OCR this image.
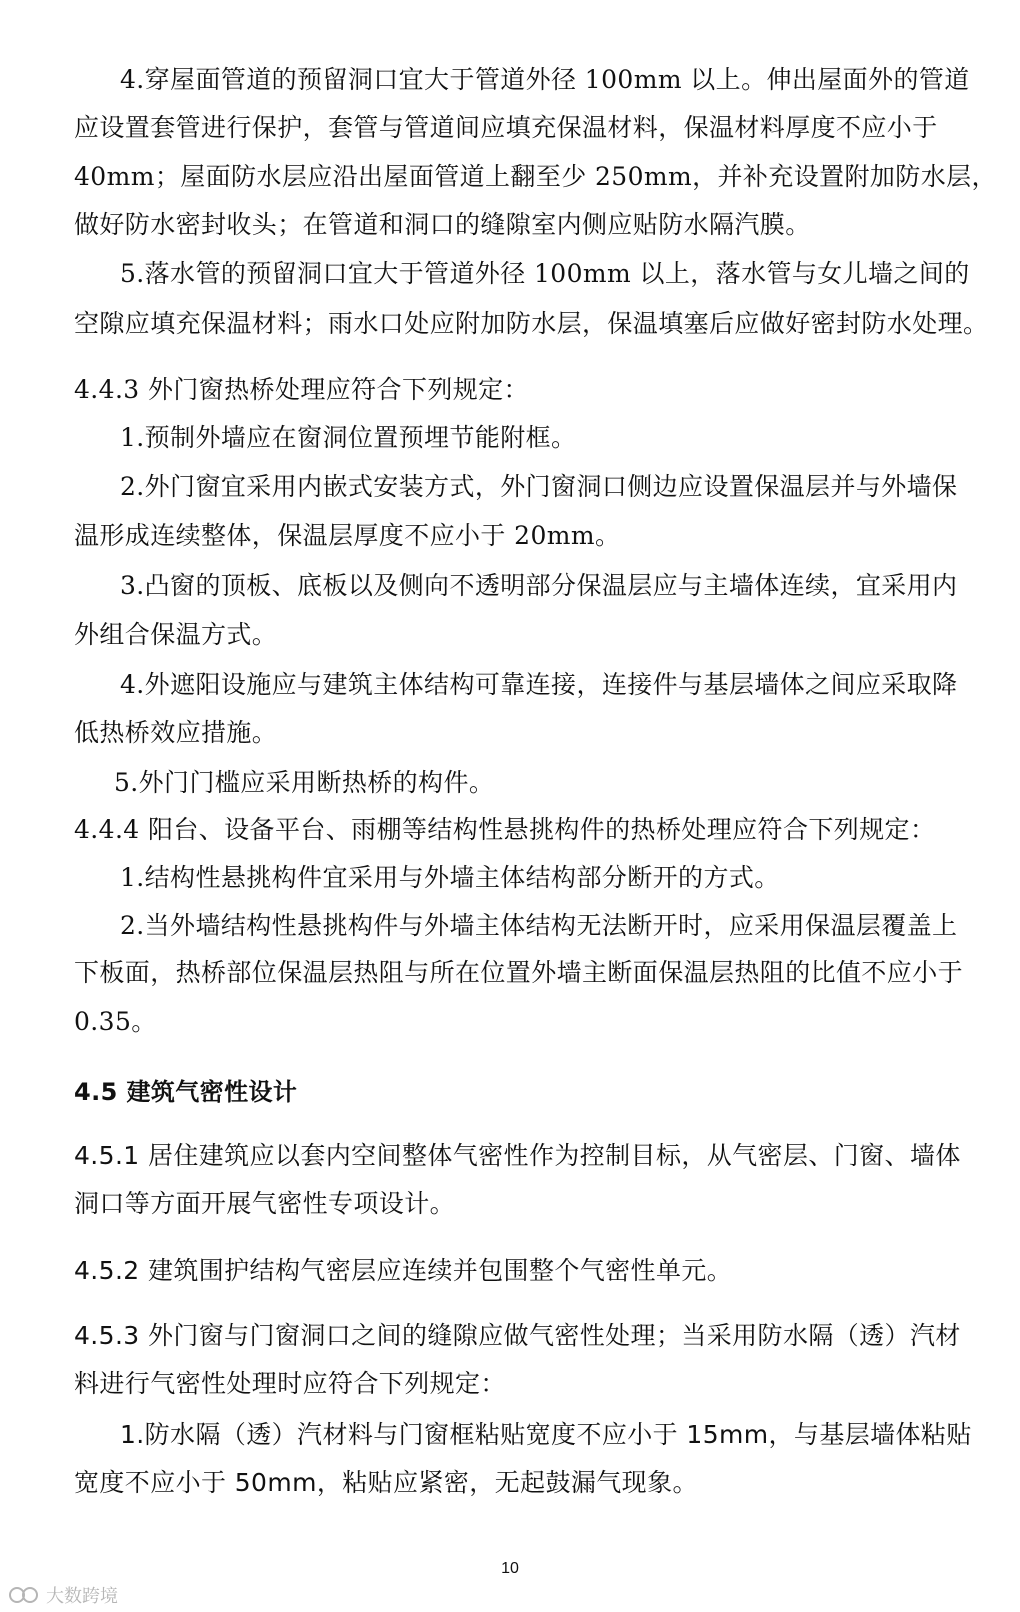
4.穿屋面管道的预留洞口宜大于管道外径 100mm 以上。伸出屋面外的管道
应设置套管进行保护，套管与管道间应填充保温材料，保温材料厚度不应小于
40mm；屋面防水层应沿出屋面管道上翻至少 250mm，并补充设置附加防水层，
做好防水密封收头；在管道和洞口的缝隙室内侧应贴防水隔汽膜。
5.落水管的预留洞口宜大于管道外径 100mm 以上，落水管与女儿墙之间的
空隙应填充保温材料；雨水口处应附加防水层，保温填塞后应做好密封防水处理。
4.4.3 外门窗热桥处理应符合下列规定：
1.预制外墙应在窗洞位置预埋节能附框。
2.外门窗宜采用内嵌式安装方式，外门窗洞口侧边应设置保温层并与外墙保
温形成连续整体，保温层厚度不应小于 20mm。
3.凸窗的顶板、底板以及侧向不透明部分保温层应与主墙体连续，宜采用内
外组合保温方式。
4.外遮阳设施应与建筑主体结构可靠连接，连接件与基层墙体之间应采取降
低热桥效应措施。
5.外门门槛应采用断热桥的构件。
4.4.4 阳台、设备平台、雨棚等结构性悬挑构件的热桥处理应符合下列规定：
1.结构性悬挑构件宜采用与外墙主体结构部分断开的方式。
2.当外墙结构性悬挑构件与外墙主体结构无法断开时，应采用保温层覆盖上
下板面，热桥部位保温层热阻与所在位置外墙主断面保温层热阻的比值不应小于
0.35。
4.5 建筑气密性设计
4.5.1 居住建筑应以套内空间整体气密性作为控制目标，从气密层、门窗、墙体
洞口等方面开展气密性专项设计。
4.5.2 建筑围护结构气密层应连续并包围整个气密性单元。
4.5.3 外门窗与门窗洞口之间的缝隙应做气密性处理；当采用防水隔（透）汽材
料进行气密性处理时应符合下列规定：
1.防水隔（透）汽材料与门窗框粘贴宽度不应小于 15mm，与基层墙体粘贴
宽度不应小于 50mm，粘贴应紧密，无起鼓漏气现象。
10
大数跨境
